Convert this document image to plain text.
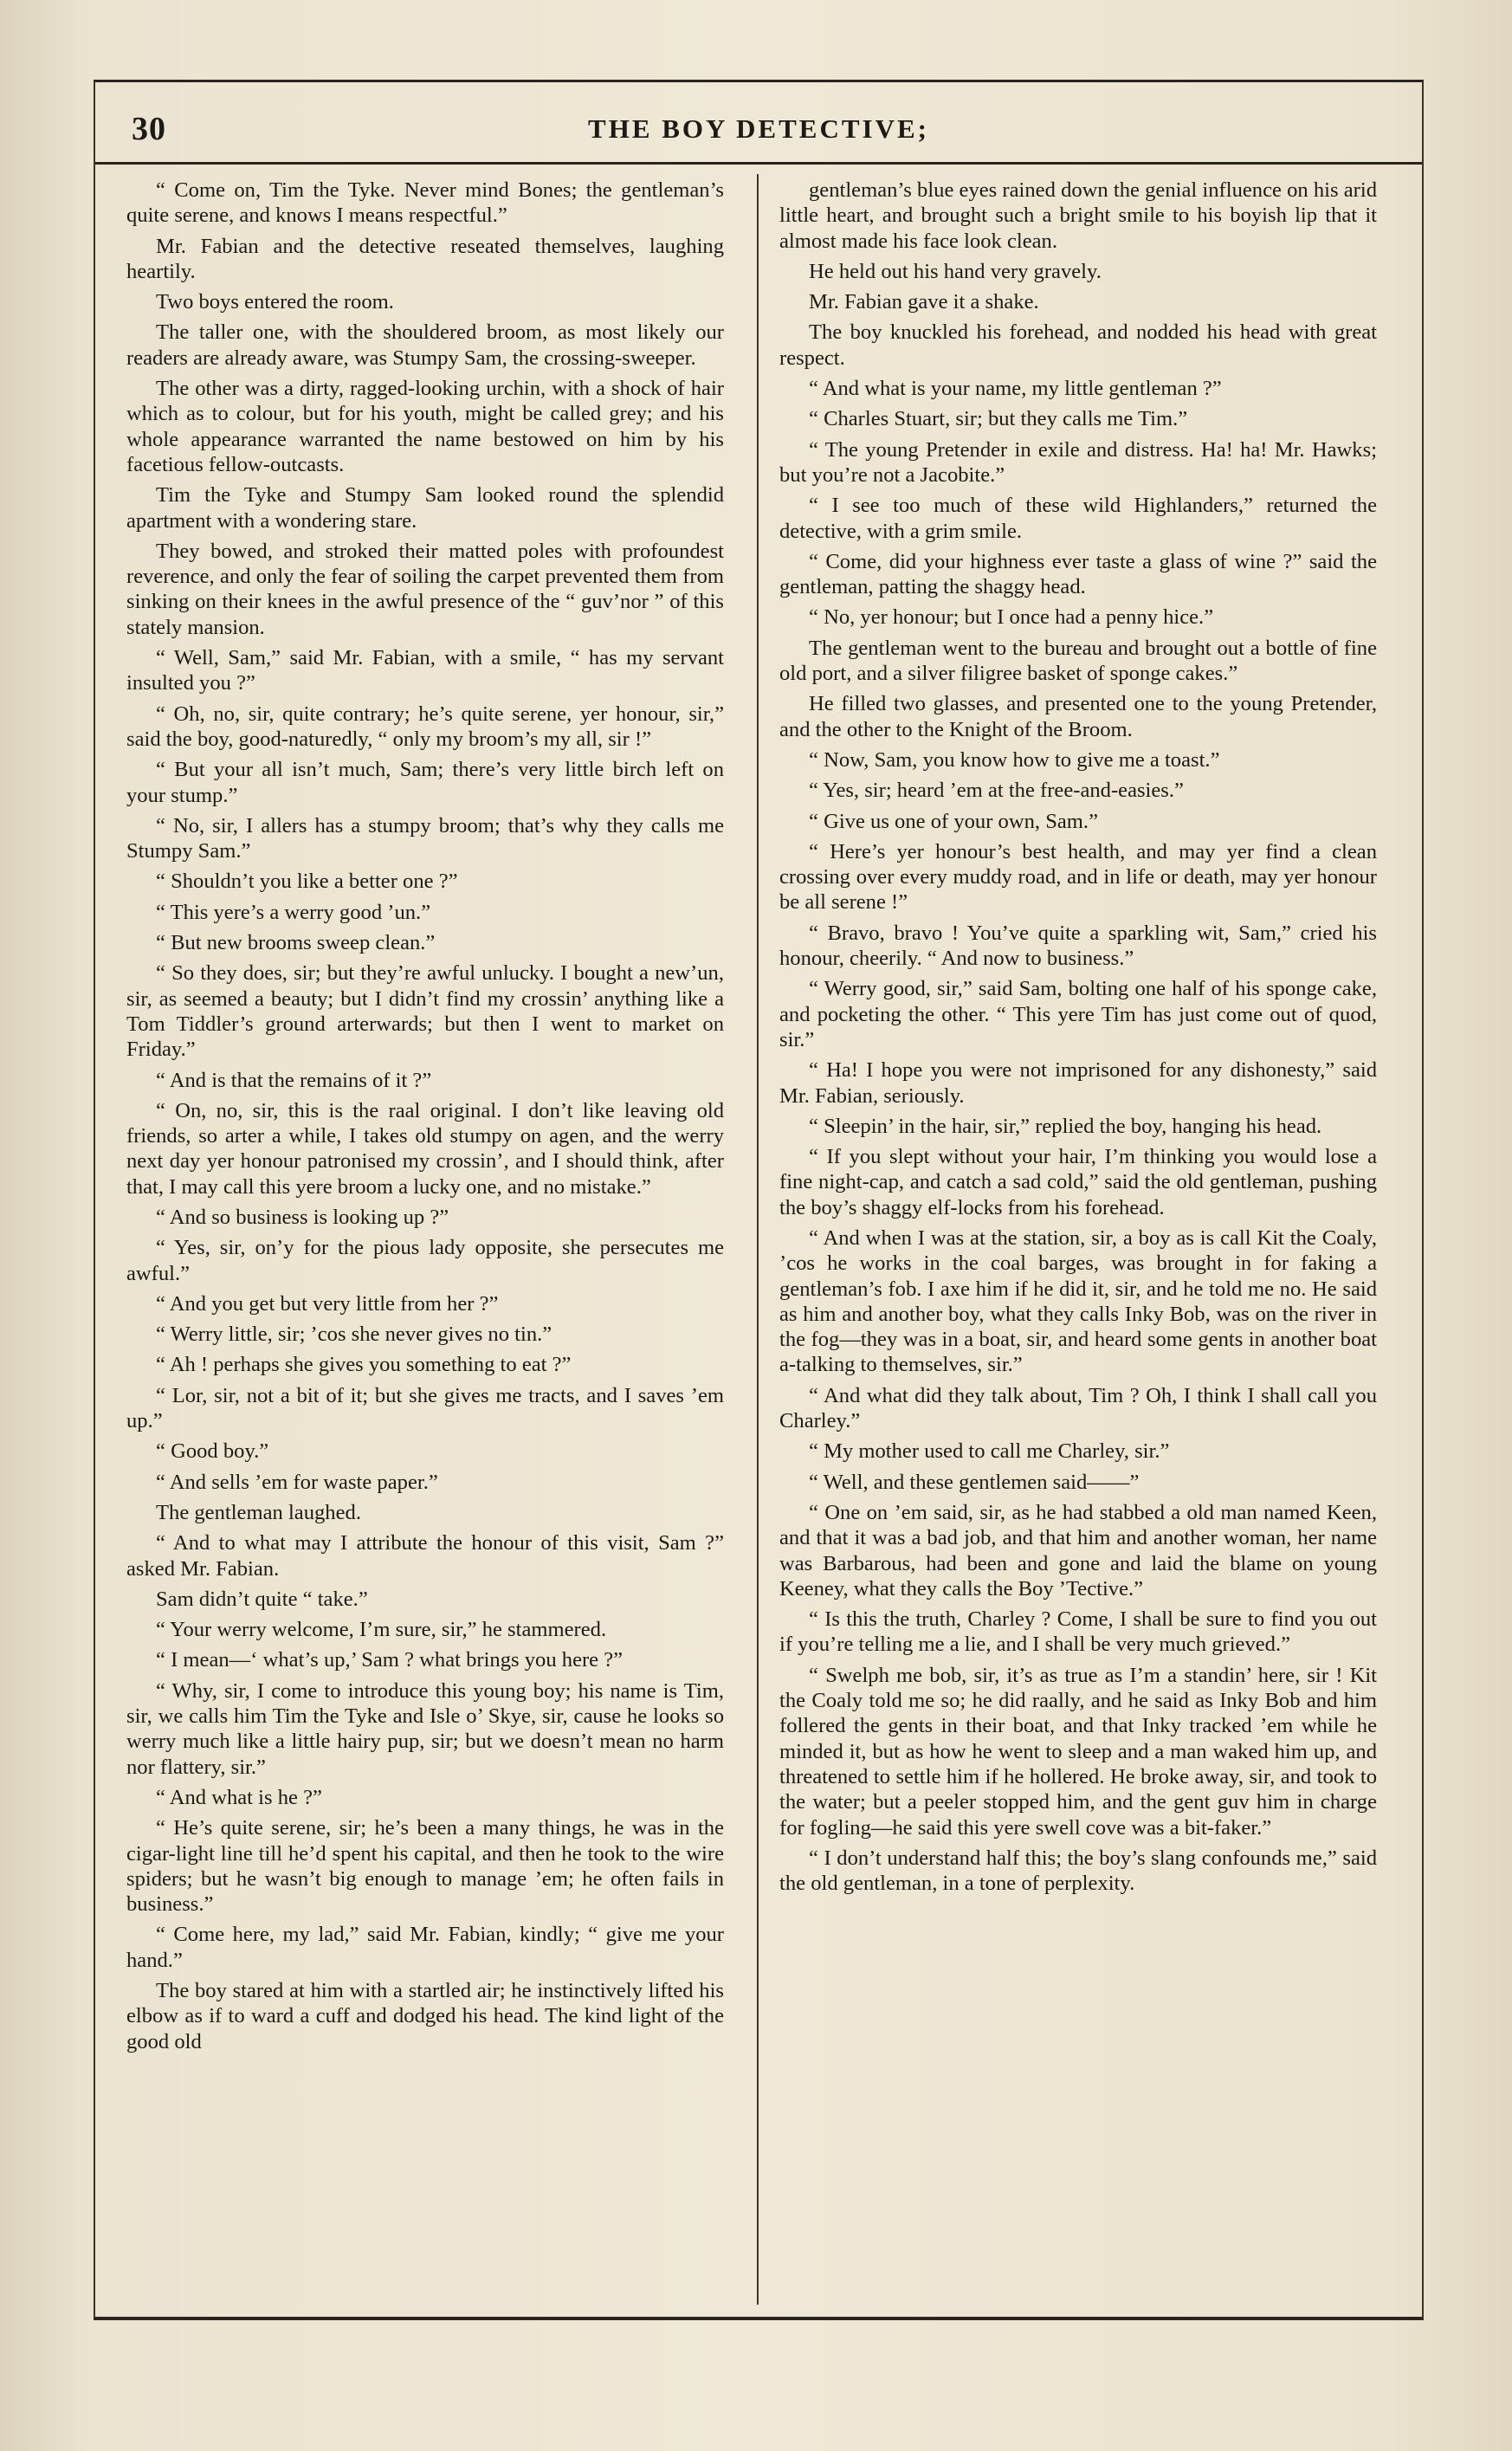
30	THE BOY DETECTIVE;

“ Come on, Tim the Tyke. Never mind Bones; the gentleman’s quite serene, and knows I means respectful.”

Mr. Fabian and the detective reseated themselves, laughing heartily.

Two boys entered the room.

The taller one, with the shouldered broom, as most likely our readers are already aware, was Stumpy Sam, the crossing-sweeper.

The other was a dirty, ragged-looking urchin, with a shock of hair which as to colour, but for his youth, might be called grey; and his whole appearance warranted the name bestowed on him by his facetious fellow-outcasts.

Tim the Tyke and Stumpy Sam looked round the splendid apartment with a wondering stare.

They bowed, and stroked their matted poles with profoundest reverence, and only the fear of soiling the carpet prevented them from sinking on their knees in the awful presence of the “ guv’nor ” of this stately mansion.

“ Well, Sam,” said Mr. Fabian, with a smile, “ has my servant insulted you ?”

“ Oh, no, sir, quite contrary; he’s quite serene, yer honour, sir,” said the boy, good-naturedly, “ only my broom’s my all, sir !”

“ But your all isn’t much, Sam; there’s very little birch left on your stump.”

“ No, sir, I allers has a stumpy broom; that’s why they calls me Stumpy Sam.”

“ Shouldn’t you like a better one ?”

“ This yere’s a werry good ’un.”

“ But new brooms sweep clean.”

“ So they does, sir; but they’re awful unlucky. I bought a new’un, sir, as seemed a beauty; but I didn’t find my crossin’ anything like a Tom Tiddler’s ground arterwards; but then I went to market on Friday.”

“ And is that the remains of it ?”

“ On, no, sir, this is the raal original. I don’t like leaving old friends, so arter a while, I takes old stumpy on agen, and the werry next day yer honour patronised my crossin’, and I should think, after that, I may call this yere broom a lucky one, and no mistake.”

“ And so business is looking up ?”

“ Yes, sir, on’y for the pious lady opposite, she persecutes me awful.”

“ And you get but very little from her ?”

“ Werry little, sir; ’cos she never gives no tin.”

“ Ah ! perhaps she gives you something to eat ?”

“ Lor, sir, not a bit of it; but she gives me tracts, and I saves ’em up.”

“ Good boy.”

“ And sells ’em for waste paper.”

The gentleman laughed.

“ And to what may I attribute the honour of this visit, Sam ?” asked Mr. Fabian.

Sam didn’t quite “ take.”

“ Your werry welcome, I’m sure, sir,” he stammered.

“ I mean—‘ what’s up,’ Sam ? what brings you here ?”

“ Why, sir, I come to introduce this young boy; his name is Tim, sir, we calls him Tim the Tyke and Isle o’ Skye, sir, cause he looks so werry much like a little hairy pup, sir; but we doesn’t mean no harm nor flattery, sir.”

“ And what is he ?”

“ He’s quite serene, sir; he’s been a many things, he was in the cigar-light line till he’d spent his capital, and then he took to the wire spiders; but he wasn’t big enough to manage ’em; he often fails in business.”

“ Come here, my lad,” said Mr. Fabian, kindly; “ give me your hand.”

The boy stared at him with a startled air; he instinctively lifted his elbow as if to ward a cuff and dodged his head. The kind light of the good old

gentleman’s blue eyes rained down the genial influence on his arid little heart, and brought such a bright smile to his boyish lip that it almost made his face look clean.

He held out his hand very gravely.

Mr. Fabian gave it a shake.

The boy knuckled his forehead, and nodded his head with great respect.

“ And what is your name, my little gentleman ?”

“ Charles Stuart, sir; but they calls me Tim.”

“ The young Pretender in exile and distress. Ha! ha! Mr. Hawks; but you’re not a Jacobite.”

“ I see too much of these wild Highlanders,” returned the detective, with a grim smile.

“ Come, did your highness ever taste a glass of wine ?” said the gentleman, patting the shaggy head.

“ No, yer honour; but I once had a penny hice.”

The gentleman went to the bureau and brought out a bottle of fine old port, and a silver filigree basket of sponge cakes.”

He filled two glasses, and presented one to the young Pretender, and the other to the Knight of the Broom.

“ Now, Sam, you know how to give me a toast.”

“ Yes, sir; heard ’em at the free-and-easies.”

“ Give us one of your own, Sam.”

“ Here’s yer honour’s best health, and may yer find a clean crossing over every muddy road, and in life or death, may yer honour be all serene !”

“ Bravo, bravo ! You’ve quite a sparkling wit, Sam,” cried his honour, cheerily. “ And now to business.”

“ Werry good, sir,” said Sam, bolting one half of his sponge cake, and pocketing the other. “ This yere Tim has just come out of quod, sir.”

“ Ha! I hope you were not imprisoned for any dishonesty,” said Mr. Fabian, seriously.

“ Sleepin’ in the hair, sir,” replied the boy, hanging his head.

“ If you slept without your hair, I’m thinking you would lose a fine night-cap, and catch a sad cold,” said the old gentleman, pushing the boy’s shaggy elf-locks from his forehead.

“ And when I was at the station, sir, a boy as is call Kit the Coaly, ’cos he works in the coal barges, was brought in for faking a gentleman’s fob. I axe him if he did it, sir, and he told me no. He said as him and another boy, what they calls Inky Bob, was on the river in the fog—they was in a boat, sir, and heard some gents in another boat a-talking to themselves, sir.”

“ And what did they talk about, Tim ? Oh, I think I shall call you Charley.”

“ My mother used to call me Charley, sir.”

“ Well, and these gentlemen said——”

“ One on ’em said, sir, as he had stabbed a old man named Keen, and that it was a bad job, and that him and another woman, her name was Barbarous, had been and gone and laid the blame on young Keeney, what they calls the Boy ’Tective.”

“ Is this the truth, Charley ? Come, I shall be sure to find you out if you’re telling me a lie, and I shall be very much grieved.”

“ Swelph me bob, sir, it’s as true as I’m a standin’ here, sir ! Kit the Coaly told me so; he did raally, and he said as Inky Bob and him follered the gents in their boat, and that Inky tracked ’em while he minded it, but as how he went to sleep and a man waked him up, and threatened to settle him if he hollered. He broke away, sir, and took to the water; but a peeler stopped him, and the gent guv him in charge for fogling—he said this yere swell cove was a bit-faker.”

“ I don’t understand half this; the boy’s slang confounds me,” said the old gentleman, in a tone of perplexity.
